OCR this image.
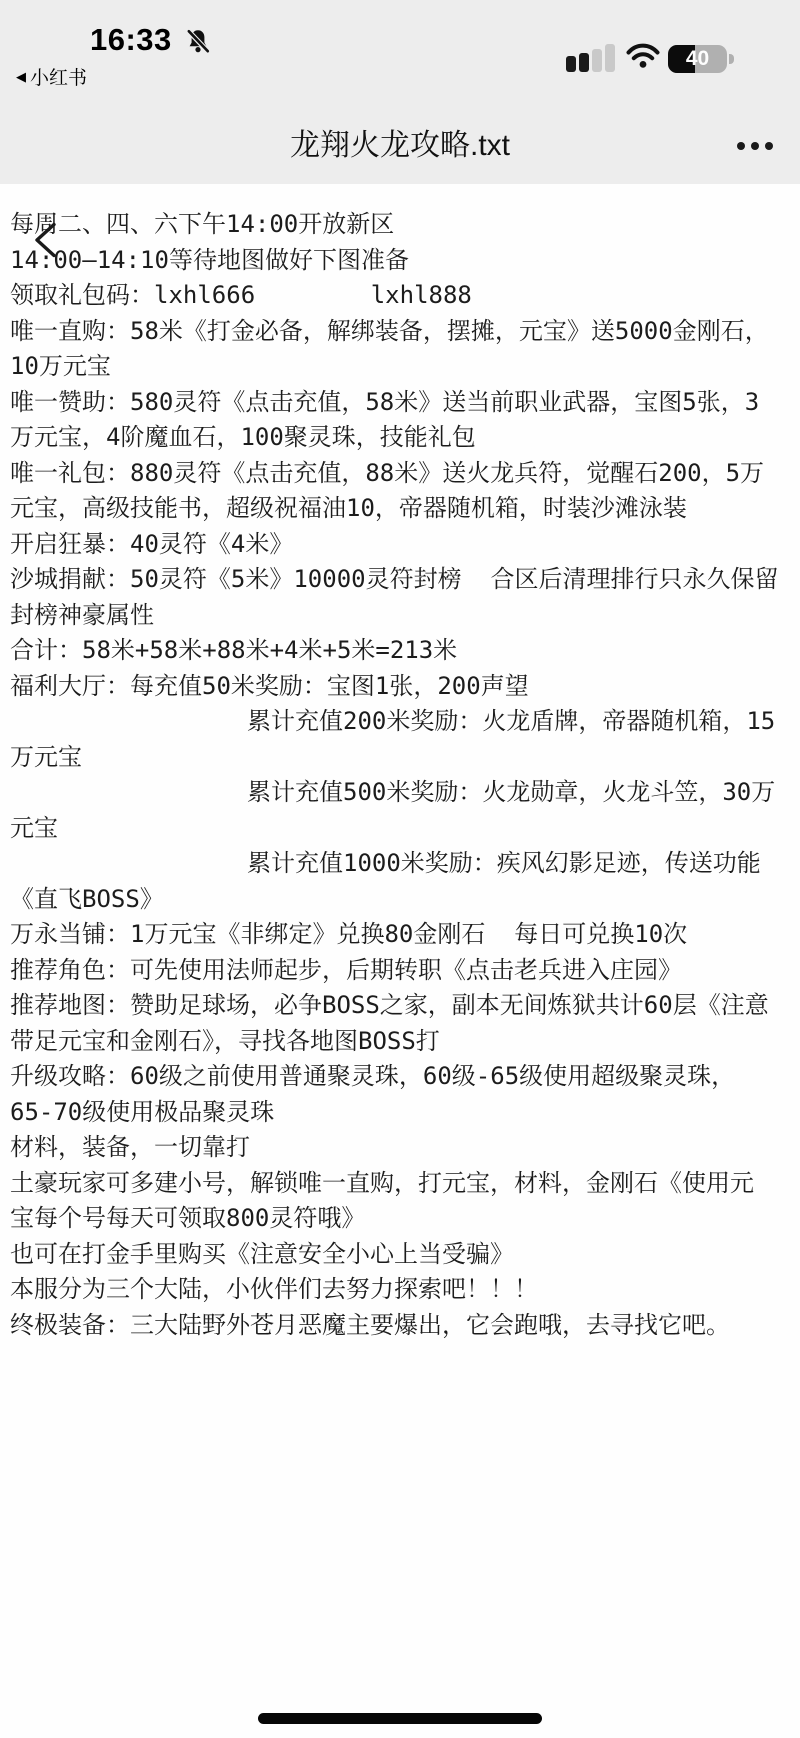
16:33
◀ 小红书
40
龙翔火龙攻略.txt
每周二、四、六下午14:00开放新区
14:00—14:10等待地图做好下图准备
领取礼包码：lxhl666        lxhl888
唯一直购：58米《打金必备，解绑装备，摆摊，元宝》送5000金刚石，
10万元宝
唯一赞助：580灵符《点击充值，58米》送当前职业武器，宝图5张，3
万元宝，4阶魔血石，100聚灵珠，技能礼包
唯一礼包：880灵符《点击充值，88米》送火龙兵符，觉醒石200，5万
元宝，高级技能书，超级祝福油10，帝器随机箱，时装沙滩泳装
开启狂暴：40灵符《4米》
沙城捐献：50灵符《5米》10000灵符封榜  合区后清理排行只永久保留
封榜神豪属性
合计：58米+58米+88米+4米+5米=213米
福利大厅：每充值50米奖励：宝图1张，200声望
累计充值200米奖励：火龙盾牌，帝器随机箱，15
万元宝
累计充值500米奖励：火龙勋章，火龙斗笠，30万
元宝
累计充值1000米奖励：疾风幻影足迹，传送功能
《直飞BOSS》
万永当铺：1万元宝《非绑定》兑换80金刚石  每日可兑换10次
推荐角色：可先使用法师起步，后期转职《点击老兵进入庄园》
推荐地图：赞助足球场，必争BOSS之家，副本无间炼狱共计60层《注意
带足元宝和金刚石》，寻找各地图BOSS打
升级攻略：60级之前使用普通聚灵珠，60级-65级使用超级聚灵珠，
65-70级使用极品聚灵珠
材料，装备，一切靠打
土豪玩家可多建小号，解锁唯一直购，打元宝，材料，金刚石《使用元
宝每个号每天可领取800灵符哦》
也可在打金手里购买《注意安全小心上当受骗》
本服分为三个大陆，小伙伴们去努力探索吧！！！
终极装备：三大陆野外苍月恶魔主要爆出，它会跑哦，去寻找它吧。
